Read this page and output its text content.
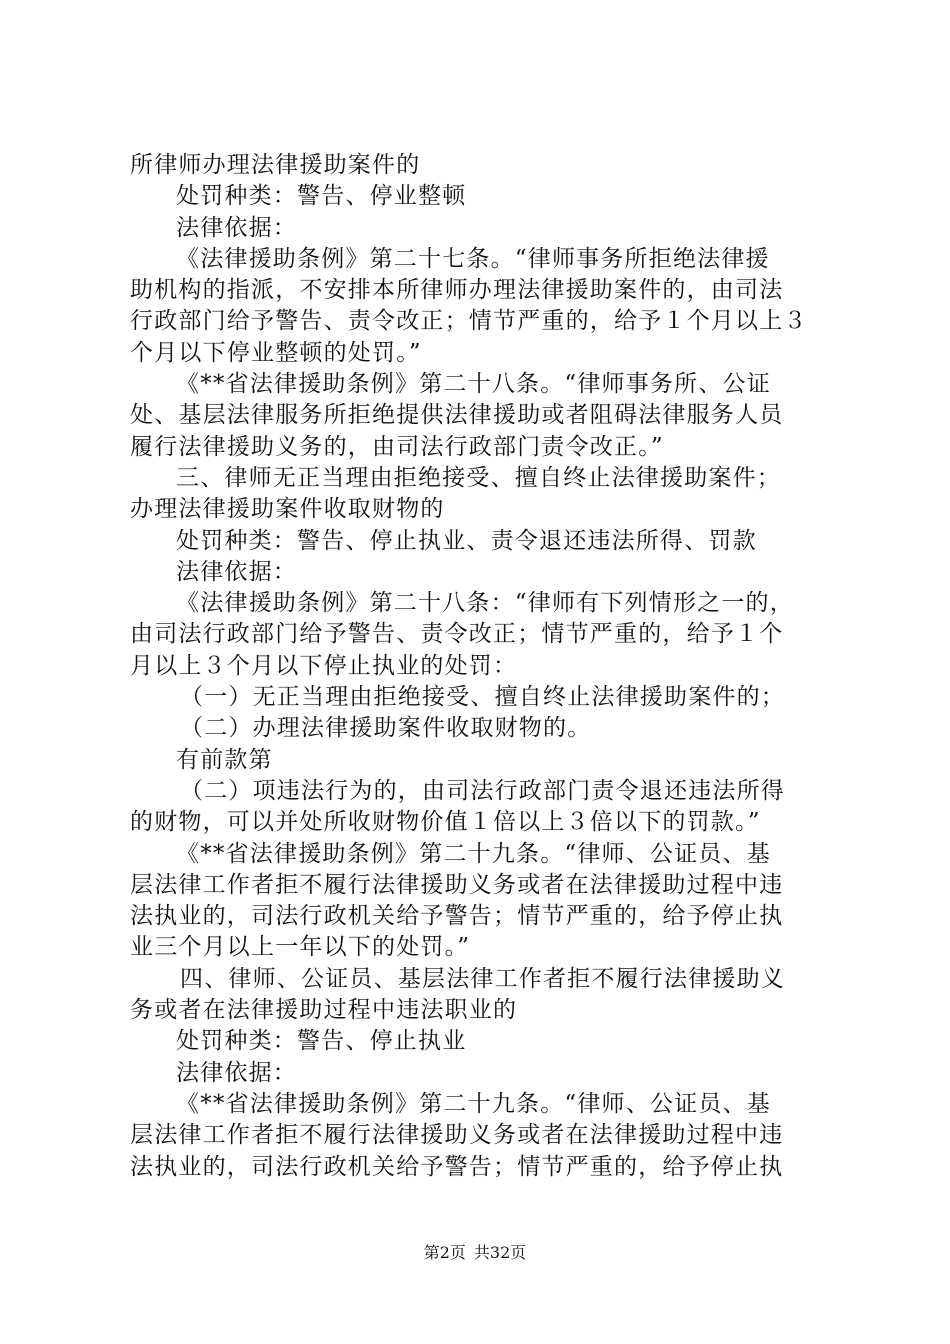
所律师办理法律援助案件的
处罚种类：警告、停业整顿
法律依据：
《法律援助条例》第二十七条。“律师事务所拒绝法律援
助机构的指派，不安排本所律师办理法律援助案件的，由司法
行政部门给予警告、责令改正；情节严重的，给予１个月以上３
个月以下停业整顿的处罚。”
《**省法律援助条例》第二十八条。“律师事务所、公证
处、基层法律服务所拒绝提供法律援助或者阻碍法律服务人员
履行法律援助义务的，由司法行政部门责令改正。”
三、律师无正当理由拒绝接受、擅自终止法律援助案件；
办理法律援助案件收取财物的
处罚种类：警告、停止执业、责令退还违法所得、罚款
法律依据：
《法律援助条例》第二十八条：“律师有下列情形之一的，
由司法行政部门给予警告、责令改正；情节严重的，给予１个
月以上３个月以下停止执业的处罚：
（一）无正当理由拒绝接受、擅自终止法律援助案件的；
（二）办理法律援助案件收取财物的。
有前款第
（二）项违法行为的，由司法行政部门责令退还违法所得
的财物，可以并处所收财物价值１倍以上３倍以下的罚款。”
《**省法律援助条例》第二十九条。“律师、公证员、基
层法律工作者拒不履行法律援助义务或者在法律援助过程中违
法执业的，司法行政机关给予警告；情节严重的，给予停止执
业三个月以上一年以下的处罚。”
四、律师、公证员、基层法律工作者拒不履行法律援助义
务或者在法律援助过程中违法职业的
处罚种类：警告、停止执业
法律依据：
《**省法律援助条例》第二十九条。“律师、公证员、基
层法律工作者拒不履行法律援助义务或者在法律援助过程中违
法执业的，司法行政机关给予警告；情节严重的，给予停止执
第2页 共32页
